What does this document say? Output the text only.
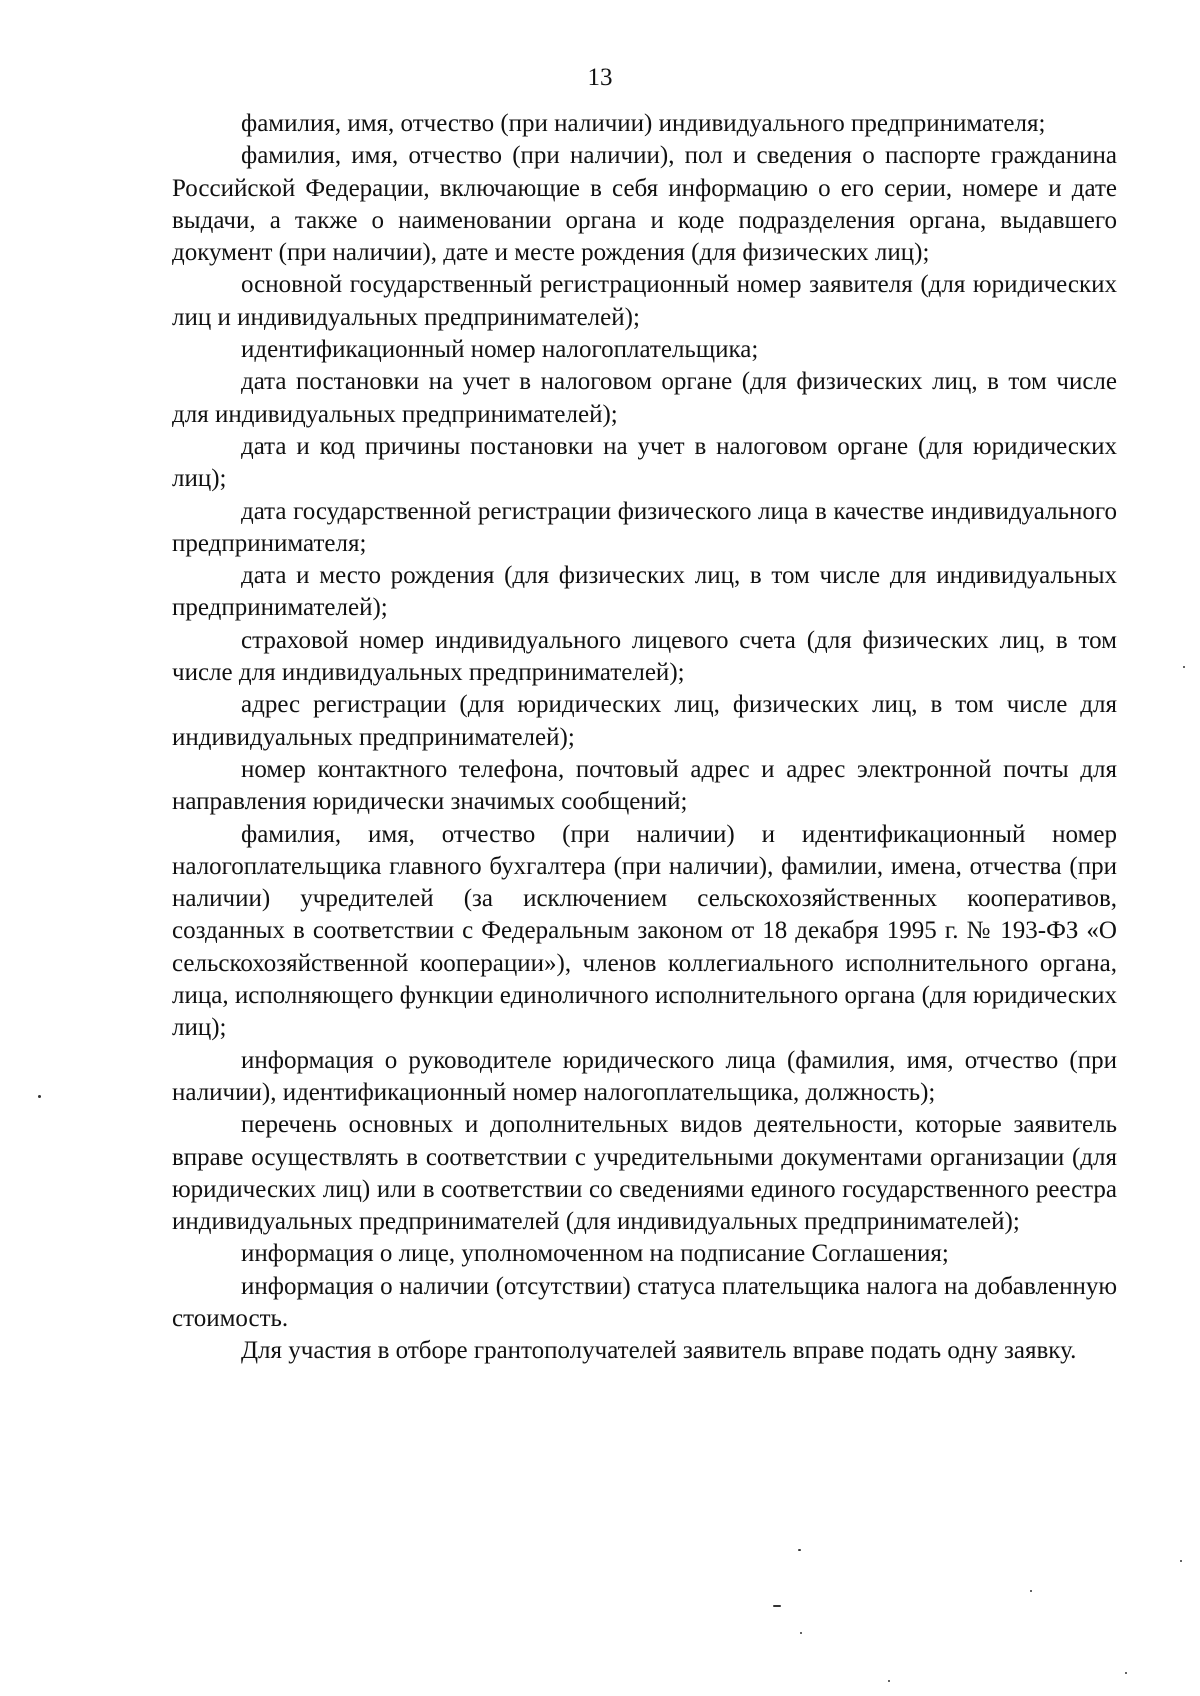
13

фамилия, имя, отчество (при наличии) индивидуального предпринимателя;

фамилия, имя, отчество (при наличии), пол и сведения о паспорте гражданина Российской Федерации, включающие в себя информацию о его серии, номере и дате выдачи, а также о наименовании органа и коде подразделения органа, выдавшего документ (при наличии), дате и месте рождения (для физических лиц);

основной государственный регистрационный номер заявителя (для юридических лиц и индивидуальных предпринимателей);

идентификационный номер налогоплательщика;

дата постановки на учет в налоговом органе (для физических лиц, в том числе для индивидуальных предпринимателей);

дата и код причины постановки на учет в налоговом органе (для юридических лиц);

дата государственной регистрации физического лица в качестве индивидуального предпринимателя;

дата и место рождения (для физических лиц, в том числе для индивидуальных предпринимателей);

страховой номер индивидуального лицевого счета (для физических лиц, в том числе для индивидуальных предпринимателей);

адрес регистрации (для юридических лиц, физических лиц, в том числе для индивидуальных предпринимателей);

номер контактного телефона, почтовый адрес и адрес электронной почты для направления юридически значимых сообщений;

фамилия, имя, отчество (при наличии) и идентификационный номер налогоплательщика главного бухгалтера (при наличии), фамилии, имена, отчества (при наличии) учредителей (за исключением сельскохозяйственных кооперативов, созданных в соответствии с Федеральным законом от 18 декабря 1995 г. № 193-ФЗ «О сельскохозяйственной кооперации»), членов коллегиального исполнительного органа, лица, исполняющего функции единоличного исполнительного органа (для юридических лиц);

информация о руководителе юридического лица (фамилия, имя, отчество (при наличии), идентификационный номер налогоплательщика, должность);

перечень основных и дополнительных видов деятельности, которые заявитель вправе осуществлять в соответствии с учредительными документами организации (для юридических лиц) или в соответствии со сведениями единого государственного реестра индивидуальных предпринимателей (для индивидуальных предпринимателей);

информация о лице, уполномоченном на подписание Соглашения;

информация о наличии (отсутствии) статуса плательщика налога на добавленную стоимость.

Для участия в отборе грантополучателей заявитель вправе подать одну заявку.
